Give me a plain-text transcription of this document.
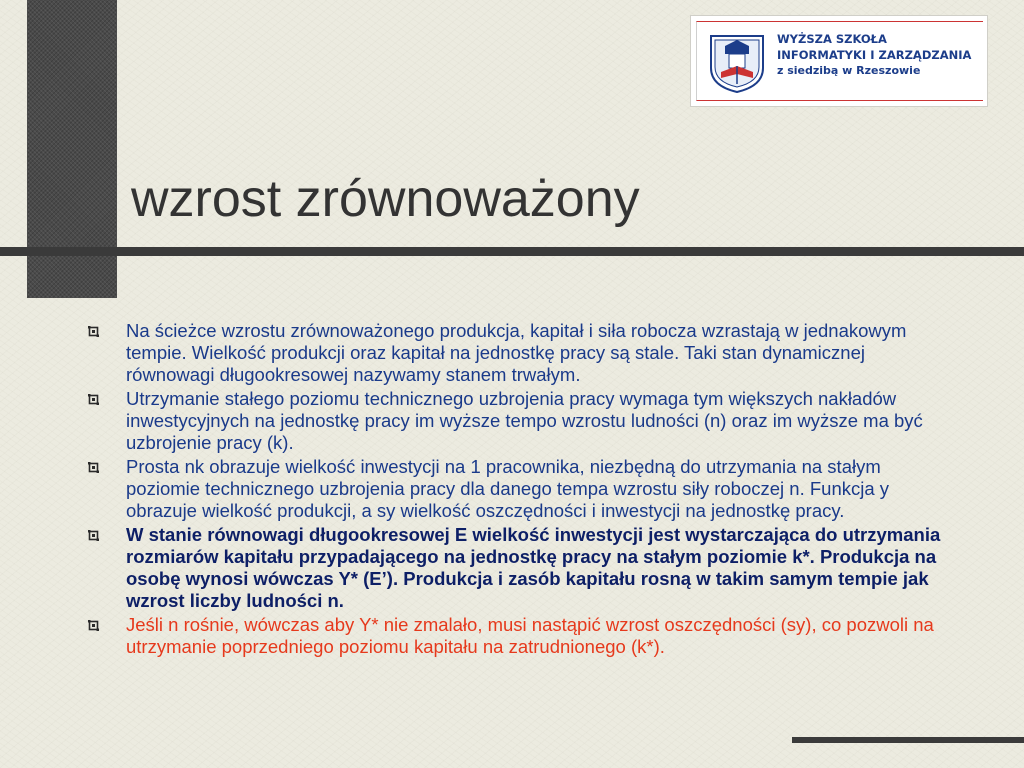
WYŻSZA SZKOŁA
INFORMATYKI I ZARZĄDZANIA
z siedzibą w Rzeszowie
wzrost zrównoważony
Na ścieżce wzrostu zrównoważonego produkcja, kapitał i siła robocza wzrastają w jednakowym tempie. Wielkość produkcji oraz kapitał na jednostkę pracy są stale. Taki stan dynamicznej równowagi długookresowej nazywamy stanem trwałym.
Utrzymanie stałego poziomu technicznego uzbrojenia pracy wymaga tym większych nakładów inwestycyjnych na jednostkę pracy im wyższe tempo wzrostu ludności (n) oraz im wyższe ma być uzbrojenie pracy (k).
Prosta nk obrazuje wielkość inwestycji na 1 pracownika, niezbędną do utrzymania na stałym poziomie technicznego uzbrojenia pracy dla danego tempa wzrostu siły roboczej n. Funkcja y obrazuje wielkość produkcji, a sy wielkość oszczędności i inwestycji na jednostkę pracy.
W stanie równowagi długookresowej E wielkość inwestycji jest wystarczająca do utrzymania rozmiarów kapitału przypadającego na jednostkę pracy na stałym poziomie k*. Produkcja na osobę wynosi wówczas Y* (E’). Produkcja i zasób kapitału rosną w takim samym tempie jak wzrost liczby ludności n.
Jeśli n rośnie, wówczas aby Y* nie zmalało, musi nastąpić wzrost oszczędności (sy), co pozwoli na utrzymanie poprzedniego poziomu kapitału na zatrudnionego (k*).
